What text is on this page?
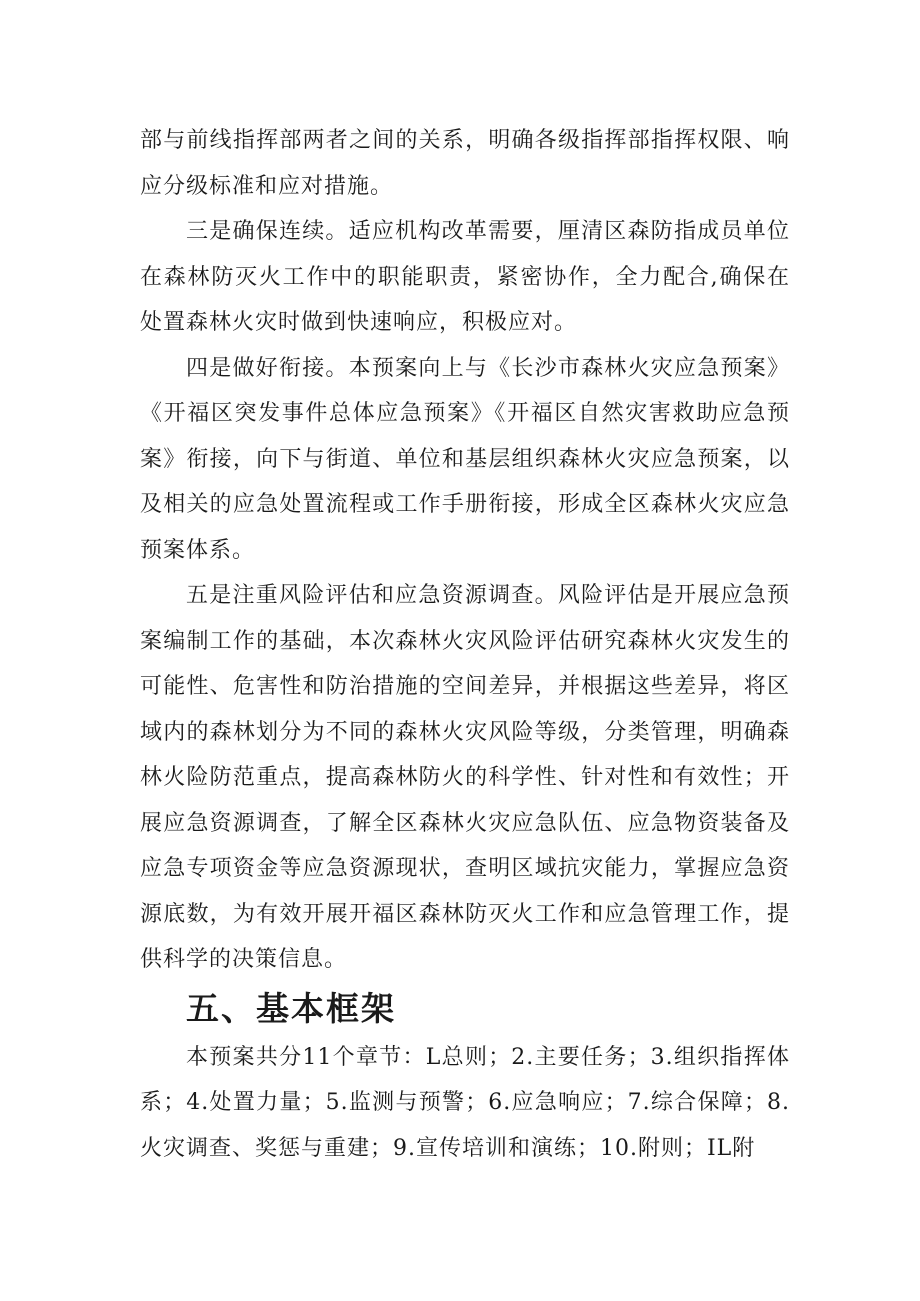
部与前线指挥部两者之间的关系，明确各级指挥部指挥权限、响应分级标准和应对措施。

三是确保连续。适应机构改革需要，厘清区森防指成员单位在森林防灭火工作中的职能职责，紧密协作，全力配合,确保在处置森林火灾时做到快速响应，积极应对。

四是做好衔接。本预案向上与《长沙市森林火灾应急预案》《开福区突发事件总体应急预案》《开福区自然灾害救助应急预案》衔接，向下与街道、单位和基层组织森林火灾应急预案，以及相关的应急处置流程或工作手册衔接，形成全区森林火灾应急预案体系。

五是注重风险评估和应急资源调查。风险评估是开展应急预案编制工作的基础，本次森林火灾风险评估研究森林火灾发生的可能性、危害性和防治措施的空间差异，并根据这些差异，将区域内的森林划分为不同的森林火灾风险等级，分类管理，明确森林火险防范重点，提高森林防火的科学性、针对性和有效性；开展应急资源调查，了解全区森林火灾应急队伍、应急物资装备及应急专项资金等应急资源现状，查明区域抗灾能力，掌握应急资源底数，为有效开展开福区森林防灭火工作和应急管理工作，提供科学的决策信息。

五、基本框架

本预案共分11个章节：L总则；2.主要任务；3.组织指挥体系；4.处置力量；5.监测与预警；6.应急响应；7.综合保障；8.火灾调查、奖惩与重建；9.宣传培训和演练；10.附则；IL附
